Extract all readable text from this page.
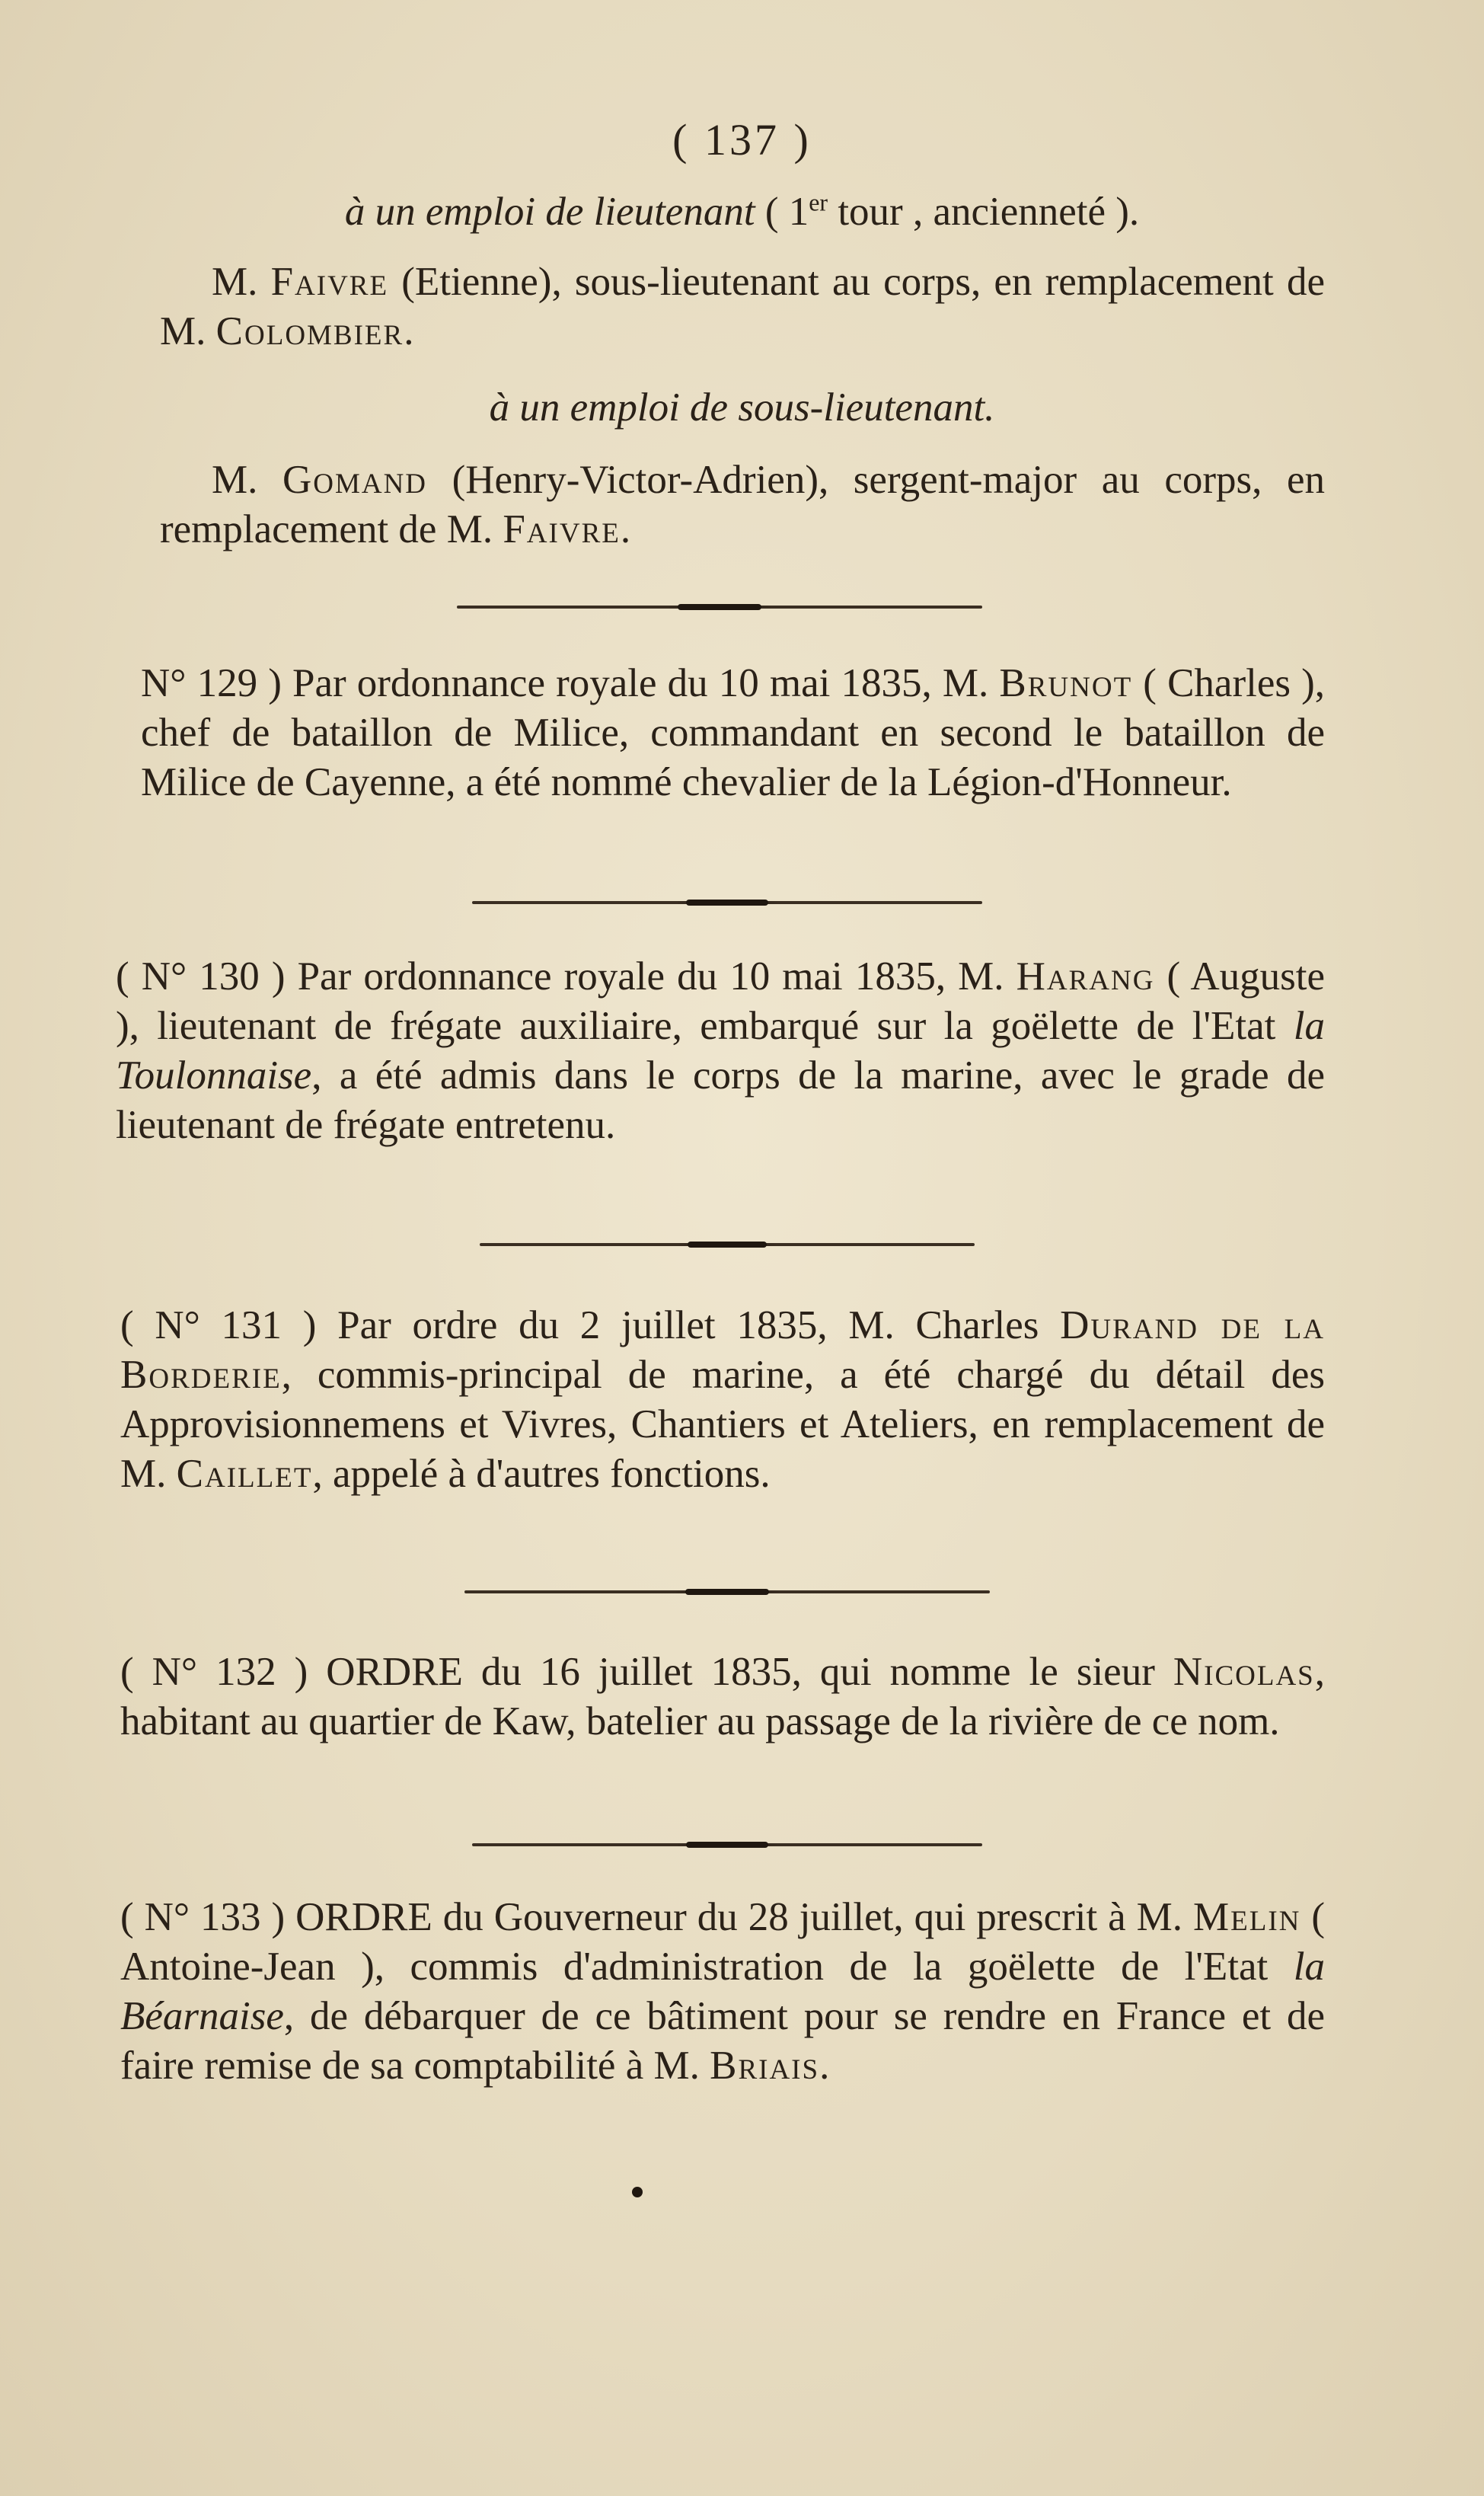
( 137 )
à un emploi de lieutenant ( 1er tour , ancienneté ).

M. Faivre (Etienne), sous-lieutenant au corps, en remplacement de M. Colombier.

à un emploi de sous-lieutenant.

M. Gomand (Henry-Victor-Adrien), sergent-major au corps, en remplacement de M. Faivre.

N° 129 ) Par ordonnance royale du 10 mai 1835, M. Brunot ( Charles ), chef de bataillon de Milice, commandant en second le bataillon de Milice de Cayenne, a été nommé chevalier de la Légion-d'Honneur.

( N° 130 ) Par ordonnance royale du 10 mai 1835, M. Harang ( Auguste ), lieutenant de frégate auxiliaire, embarqué sur la goëlette de l'Etat la Toulonnaise, a été admis dans le corps de la marine, avec le grade de lieutenant de frégate entretenu.

( N° 131 ) Par ordre du 2 juillet 1835, M. Charles Durand de la Borderie, commis-principal de marine, a été chargé du détail des Approvisionnemens et Vivres, Chantiers et Ateliers, en remplacement de M. Caillet, appelé à d'autres fonctions.

( N° 132 ) ORDRE du 16 juillet 1835, qui nomme le sieur Nicolas, habitant au quartier de Kaw, batelier au passage de la rivière de ce nom.

( N° 133 ) ORDRE du Gouverneur du 28 juillet, qui prescrit à M. Melin ( Antoine-Jean ), commis d'administration de la goëlette de l'Etat la Béarnaise, de débarquer de ce bâtiment pour se rendre en France et de faire remise de sa comptabilité à M. Briais.
